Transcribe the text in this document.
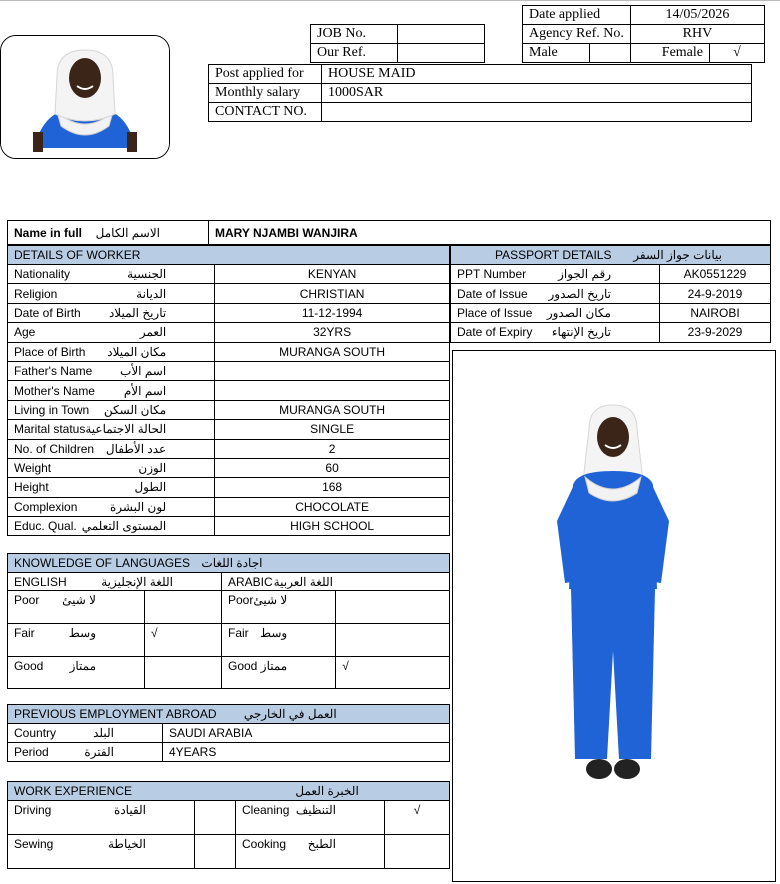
JOB No.	
Our Ref.	
Date applied		14/05/2026	
Agency Ref. No.		RHV	
Male		Female	√
Post applied for	HOUSE MAID
Monthly salary	1000SAR
CONTACT NO.	
Name in full الاسم الكامل	MARY NJAMBI WANJIRA
DETAILS OF WORKER	

Nationality الجنسية	KENYAN

Religion الديانة	CHRISTIAN

Date of Birth تاريخ الميلاد	11-12-1994

Age العمر	32YRS

Place of Birth مكان الميلاد	MURANGA SOUTH

Father's Name اسم الأب	

Mother's Name اسم الأم	

Living in Town مكان السكن	MURANGA SOUTH

Marital status الحالة الاجتماعية	SINGLE

No. of Children عدد الأطفال	2

Weight الوزن	60

Height الطول	168

Complexion لون البشرة	CHOCOLATE

Educ. Qual. المستوى التعلمي	HIGH SCHOOL
PASSPORT DETAILS بيانات جواز السفر	

PPT Number رقم الجواز	AK0551229

Date of Issue تاريخ الصدور	24-9-2019

Place of Issue مكان الصدور	NAIROBI

Date of Expiry تاريخ الإنتهاء	23-9-2029
KNOWLEDGE OF LANGUAGES اجادة اللغات			

ENGLISH اللغة الإنجليزية		ARABIC اللغة العربية	

Poor لا شيئ		Poor لا شيئ	

Fair وسط	√	Fair وسط	

Good ممتاز		Good ممتاز	√
PREVIOUS EMPLOYMENT ABROAD العمل في الخارجي	

Country البلد	SAUDI ARABIA

Period الفترة	4YEARS
WORK EXPERIENCE الخبرة العمل			

Driving القيادة		Cleaning التنظيف	√

Sewing الخياطة		Cooking الطبخ	
